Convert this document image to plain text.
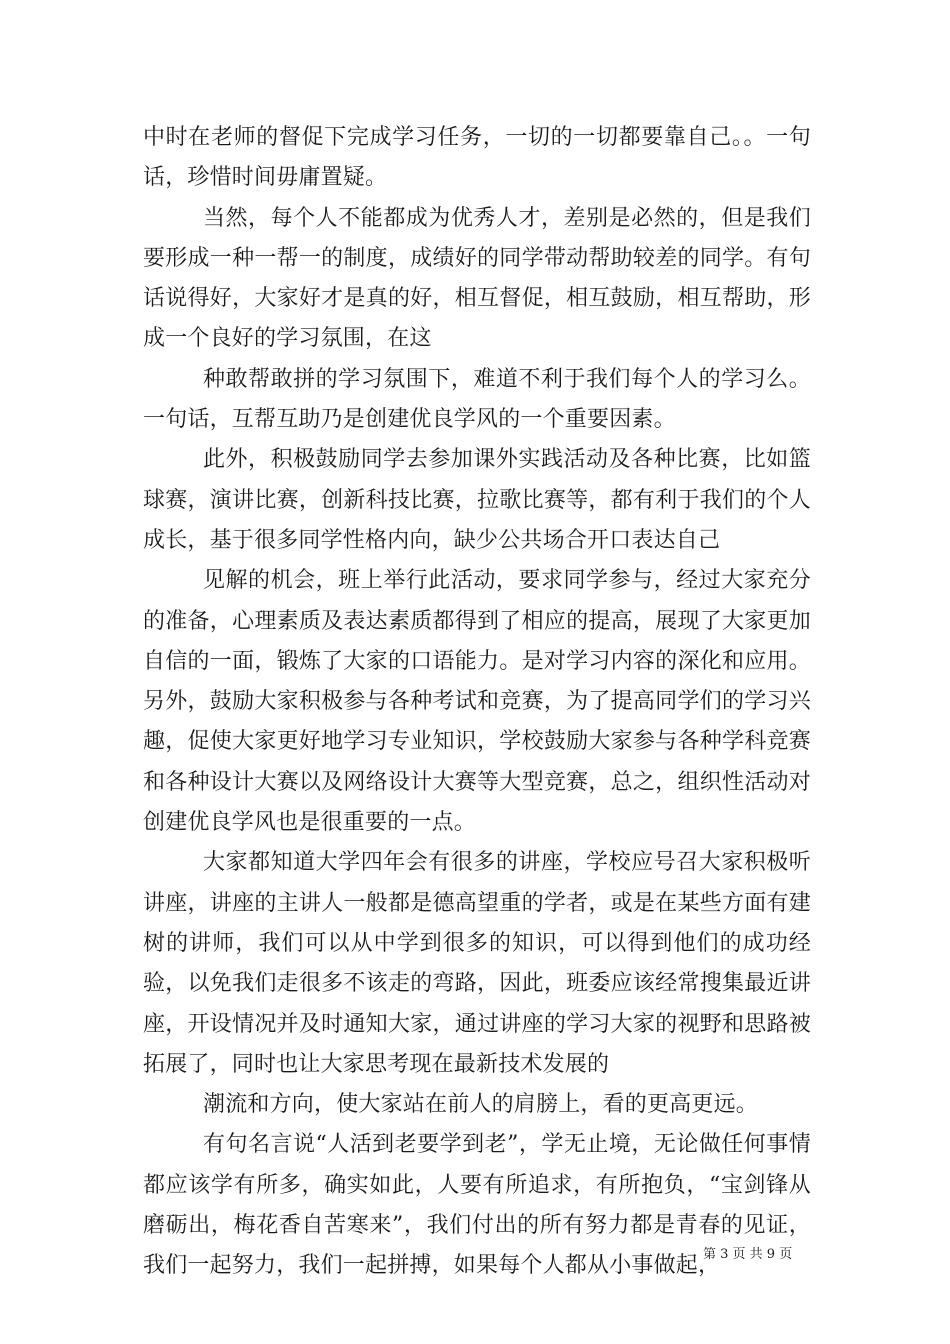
中时在老师的督促下完成学习任务，一切的一切都要靠自己。。一句话，珍惜时间毋庸置疑。

当然，每个人不能都成为优秀人才，差别是必然的，但是我们要形成一种一帮一的制度，成绩好的同学带动帮助较差的同学。有句话说得好，大家好才是真的好，相互督促，相互鼓励，相互帮助，形成一个良好的学习氛围，在这

种敢帮敢拼的学习氛围下，难道不利于我们每个人的学习么。一句话，互帮互助乃是创建优良学风的一个重要因素。

此外，积极鼓励同学去参加课外实践活动及各种比赛，比如篮球赛，演讲比赛，创新科技比赛，拉歌比赛等，都有利于我们的个人成长，基于很多同学性格内向，缺少公共场合开口表达自己

见解的机会，班上举行此活动，要求同学参与，经过大家充分的准备，心理素质及表达素质都得到了相应的提高，展现了大家更加自信的一面，锻炼了大家的口语能力。是对学习内容的深化和应用。另外，鼓励大家积极参与各种考试和竞赛，为了提高同学们的学习兴趣，促使大家更好地学习专业知识，学校鼓励大家参与各种学科竞赛和各种设计大赛以及网络设计大赛等大型竞赛，总之，组织性活动对创建优良学风也是很重要的一点。

大家都知道大学四年会有很多的讲座，学校应号召大家积极听讲座，讲座的主讲人一般都是德高望重的学者，或是在某些方面有建树的讲师，我们可以从中学到很多的知识，可以得到他们的成功经验，以免我们走很多不该走的弯路，因此，班委应该经常搜集最近讲座，开设情况并及时通知大家，通过讲座的学习大家的视野和思路被拓展了，同时也让大家思考现在最新技术发展的

潮流和方向，使大家站在前人的肩膀上，看的更高更远。

有句名言说“人活到老要学到老”，学无止境，无论做任何事情都应该学有所多，确实如此，人要有所追求，有所抱负，“宝剑锋从磨砺出，梅花香自苦寒来”，我们付出的所有努力都是青春的见证，我们一起努力，我们一起拼搏，如果每个人都从小事做起，

第 3 页 共 9 页
